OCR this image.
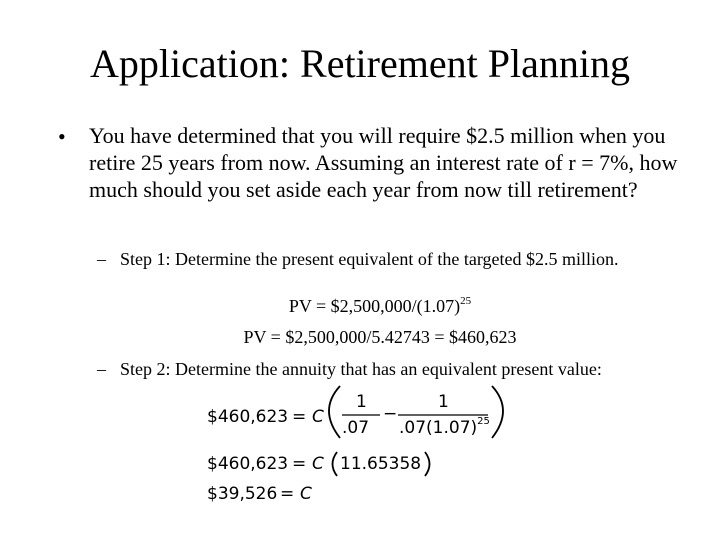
Application: Retirement Planning
• You have determined that you will require $2.5 million when you retire 25 years from now. Assuming an interest rate of r = 7%, how much should you set aside each year from now till retirement?
– Step 1: Determine the present equivalent of the targeted $2.5 million.
PV = $\$2,500,000/(1.07)^{25}$
PV = $2,500,000/5.42743 = $460,623
– Step 2: Determine the annuity that has an equivalent present value:
$460,623 = C
1
.07
−
1
$.07(1.07)^{25}$
$460,623 = C 11.65358
$39,526 = C
